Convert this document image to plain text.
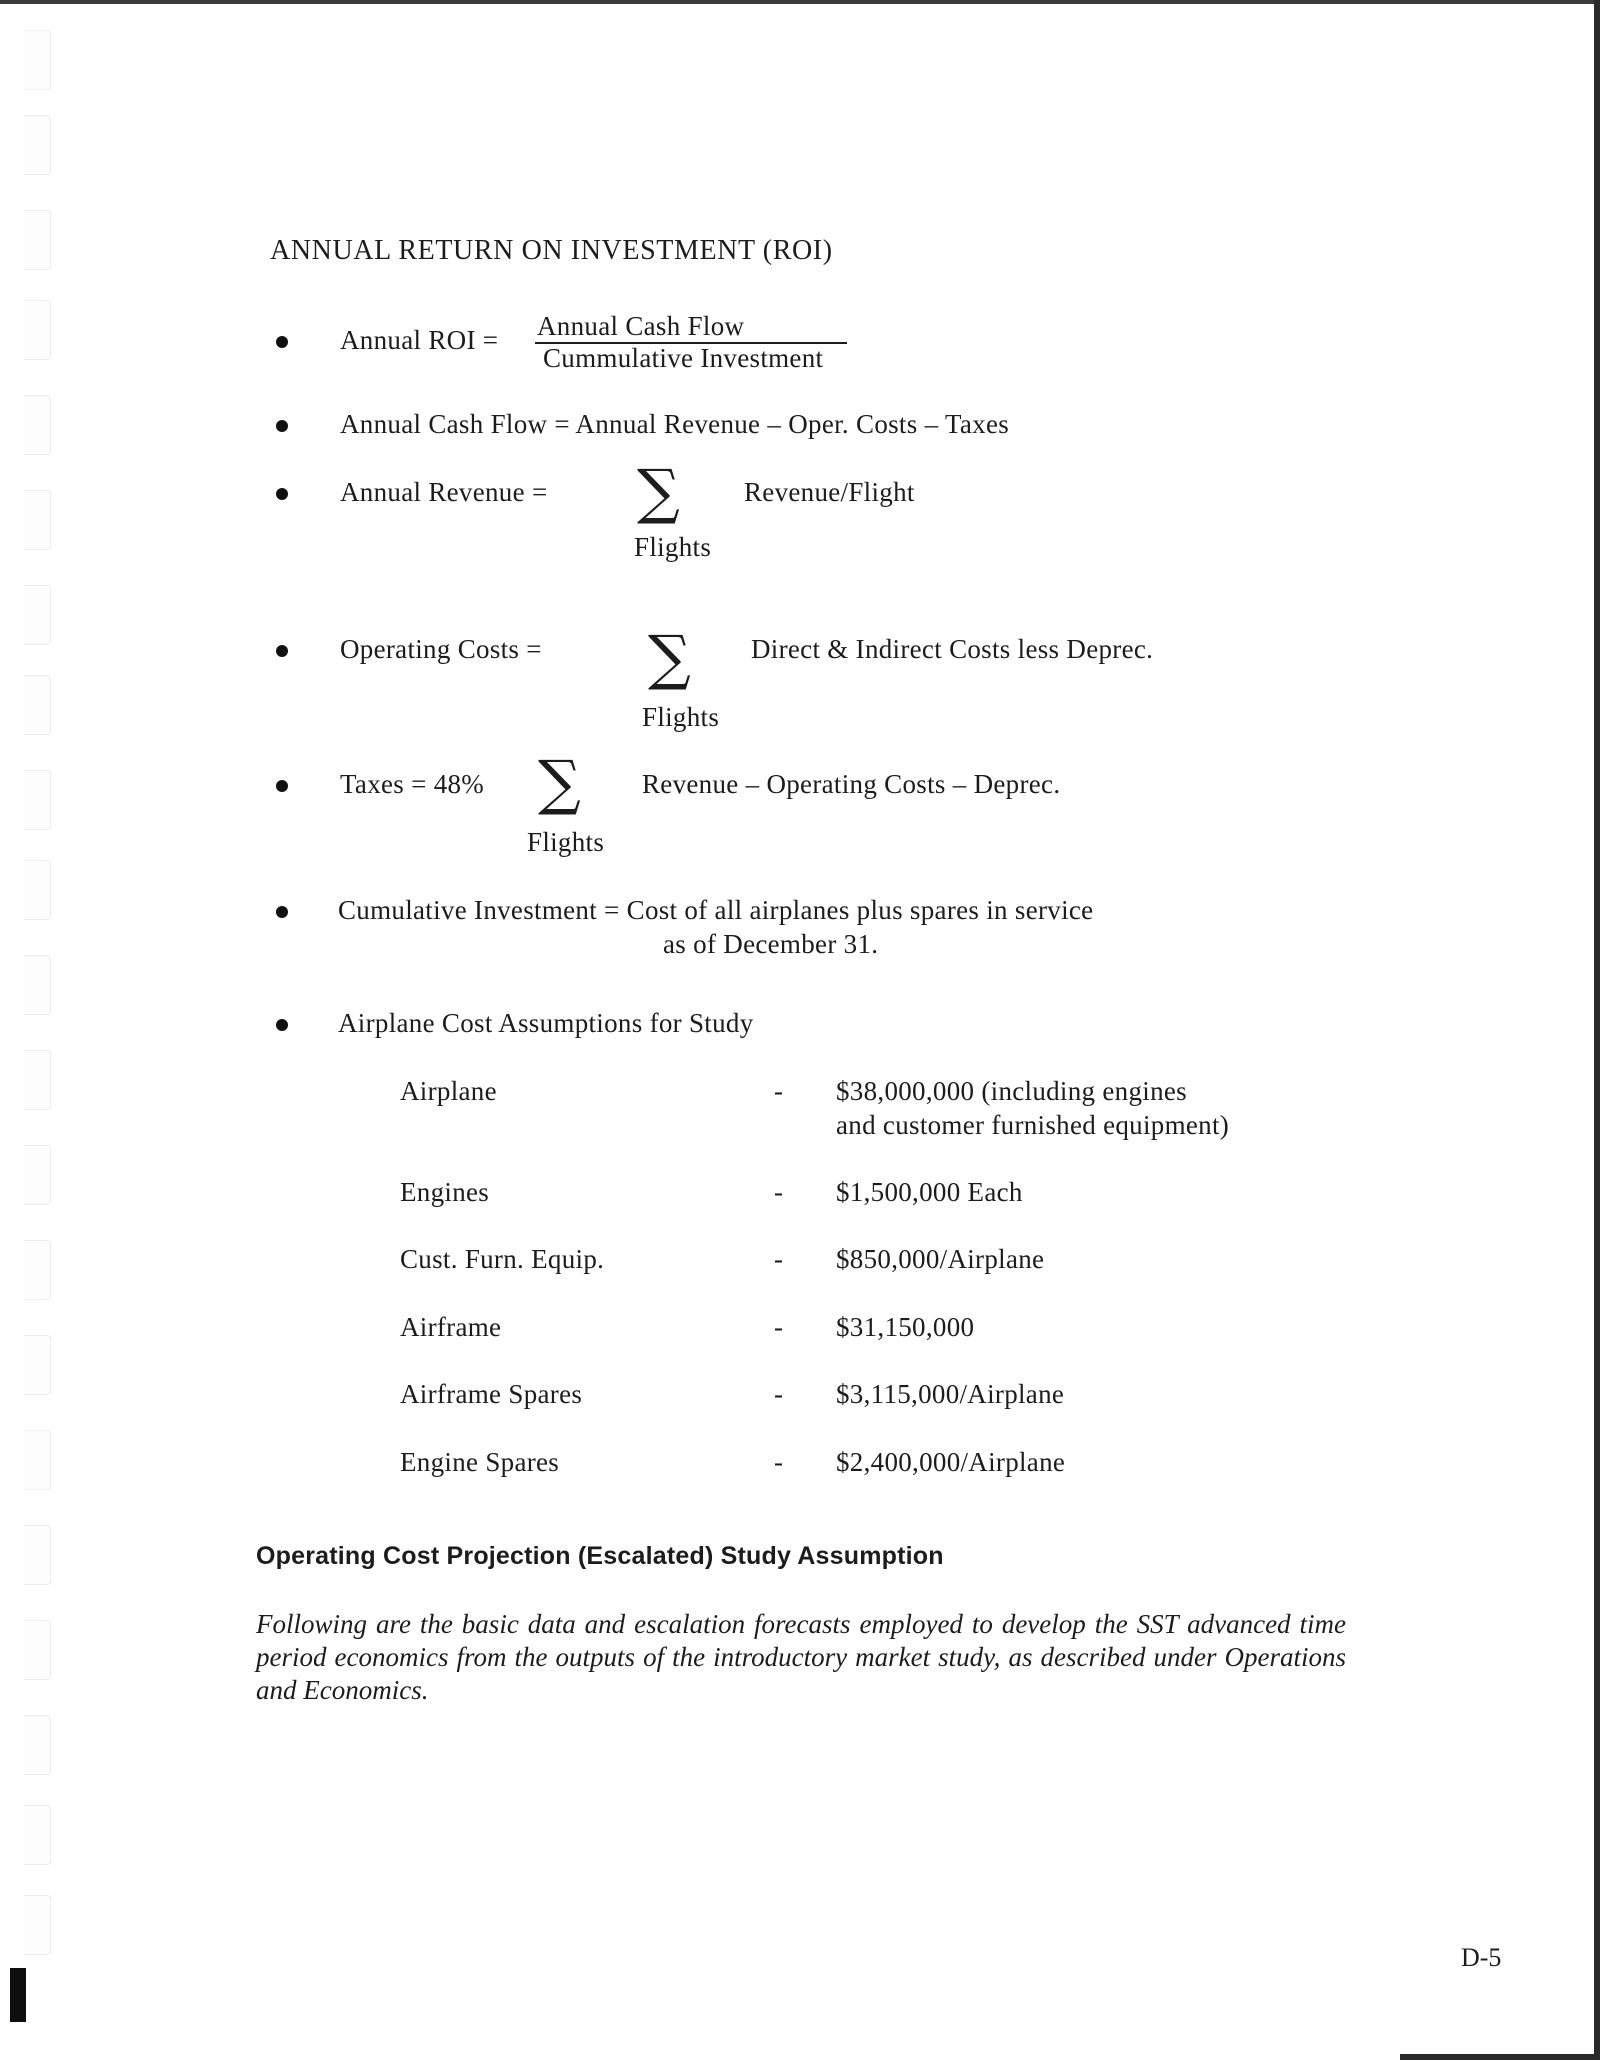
ANNUAL RETURN ON INVESTMENT (ROI)
Annual ROI = Annual Cash Flow
Cummulative Investment
Annual Cash Flow = Annual Revenue – Oper. Costs – Taxes
Annual Revenue = ∑
Flights
Revenue/Flight
Operating Costs = ∑
Flights
Direct & Indirect Costs less Deprec.
Taxes = 48% ∑
Flights
Revenue – Operating Costs – Deprec.
Cumulative Investment = Cost of all airplanes plus spares in service
as of December 31.
Airplane Cost Assumptions for Study
Airplane	- $38,000,000 (including engines
and customer furnished equipment)
Engines	- $1,500,000 Each
Cust. Furn. Equip.	- $850,000/Airplane
Airframe	- $31,150,000
Airframe Spares	- $3,115,000/Airplane
Engine Spares	- $2,400,000/Airplane
Operating Cost Projection (Escalated) Study Assumption
Following are the basic data and escalation forecasts employed to develop the SST advanced time period economics from the outputs of the introductory market study, as described under Operations and Economics.
D-5
